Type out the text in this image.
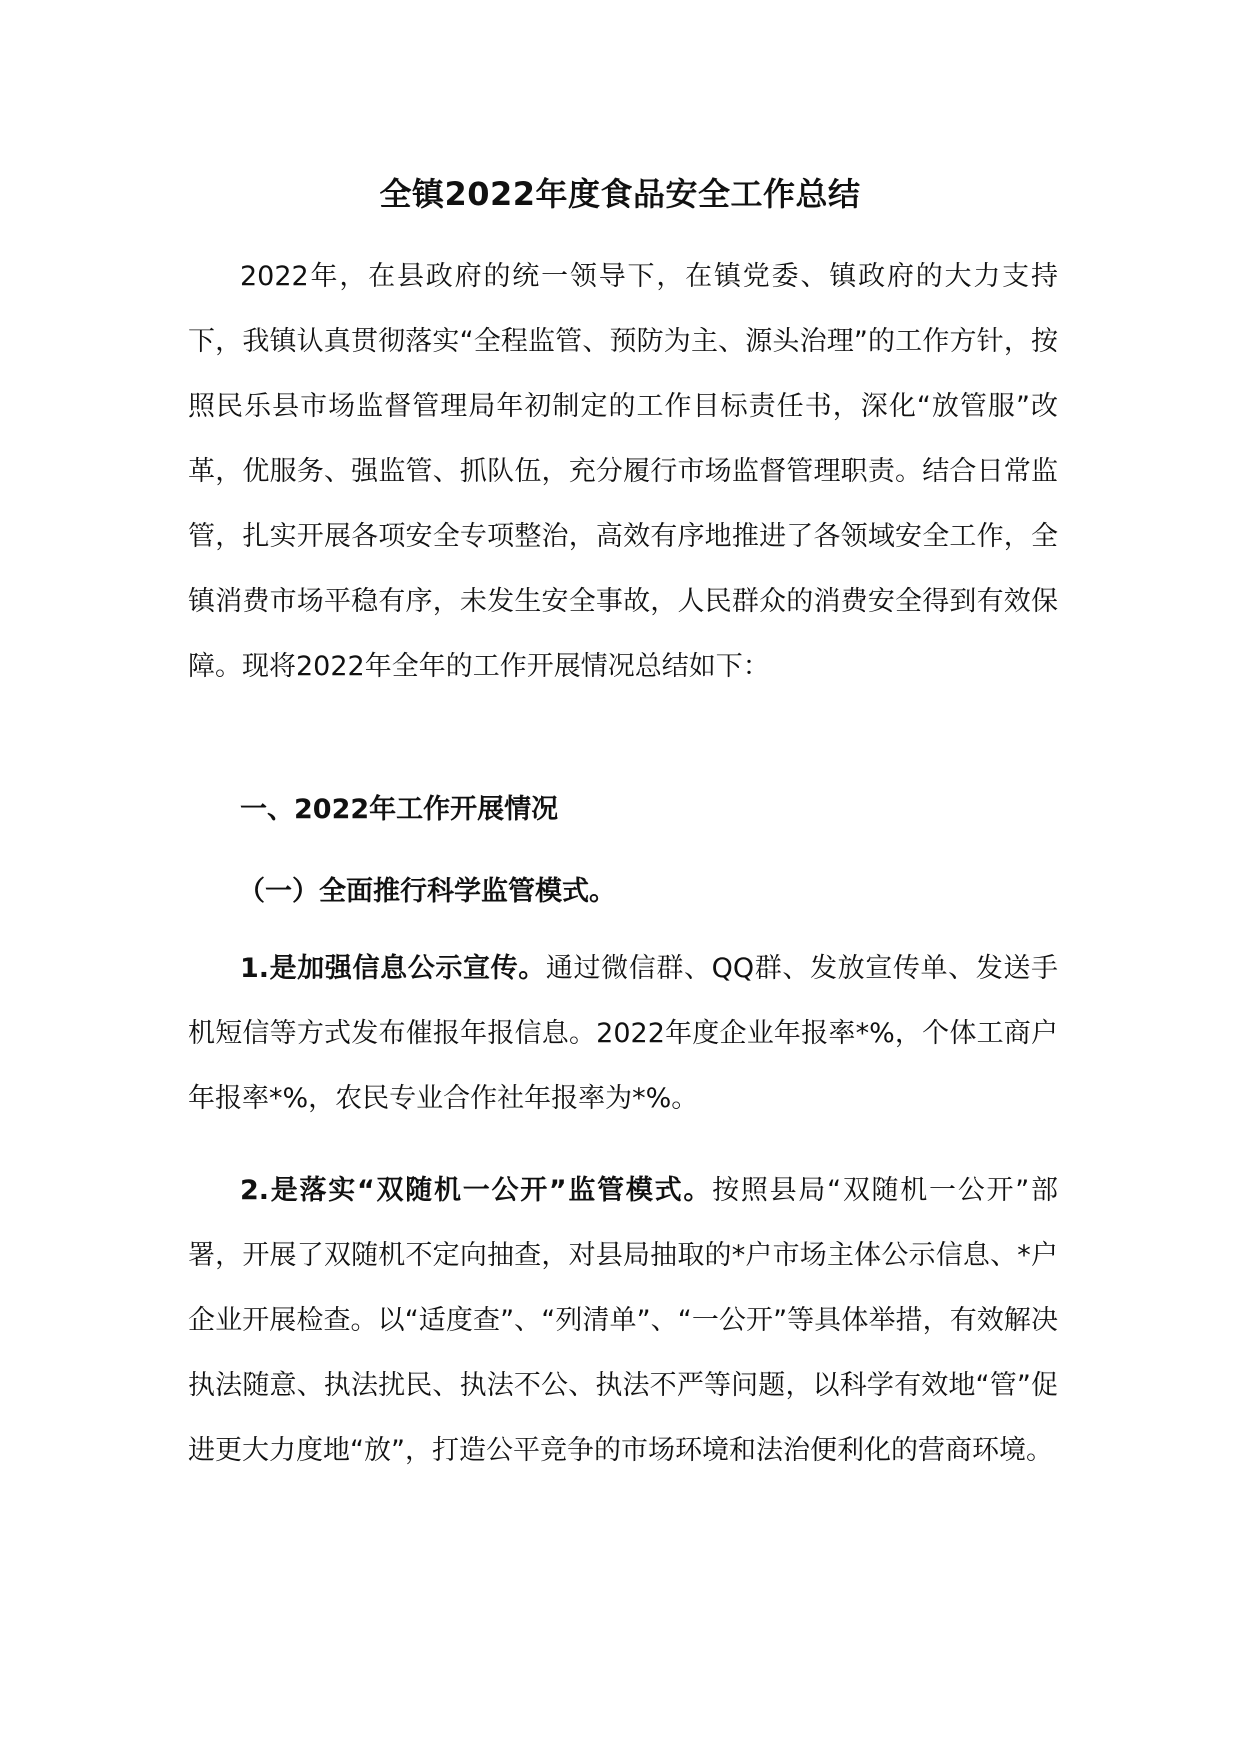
全镇2022年度食品安全工作总结

2022年，在县政府的统一领导下，在镇党委、镇政府的大力支持下，我镇认真贯彻落实“全程监管、预防为主、源头治理”的工作方针，按照民乐县市场监督管理局年初制定的工作目标责任书，深化“放管服”改革，优服务、强监管、抓队伍，充分履行市场监督管理职责。结合日常监管，扎实开展各项安全专项整治，高效有序地推进了各领域安全工作，全镇消费市场平稳有序，未发生安全事故，人民群众的消费安全得到有效保障。现将2022年全年的工作开展情况总结如下：

一、2022年工作开展情况

（一）全面推行科学监管模式。

1.是加强信息公示宣传。通过微信群、QQ群、发放宣传单、发送手机短信等方式发布催报年报信息。2022年度企业年报率*%，个体工商户年报率*%，农民专业合作社年报率为*%。

2.是落实“双随机一公开”监管模式。按照县局“双随机一公开”部署，开展了双随机不定向抽查，对县局抽取的*户市场主体公示信息、*户企业开展检查。以“适度查”、“列清单”、“一公开”等具体举措，有效解决执法随意、执法扰民、执法不公、执法不严等问题，以科学有效地“管”促进更大力度地“放”，打造公平竞争的市场环境和法治便利化的营商环境。
